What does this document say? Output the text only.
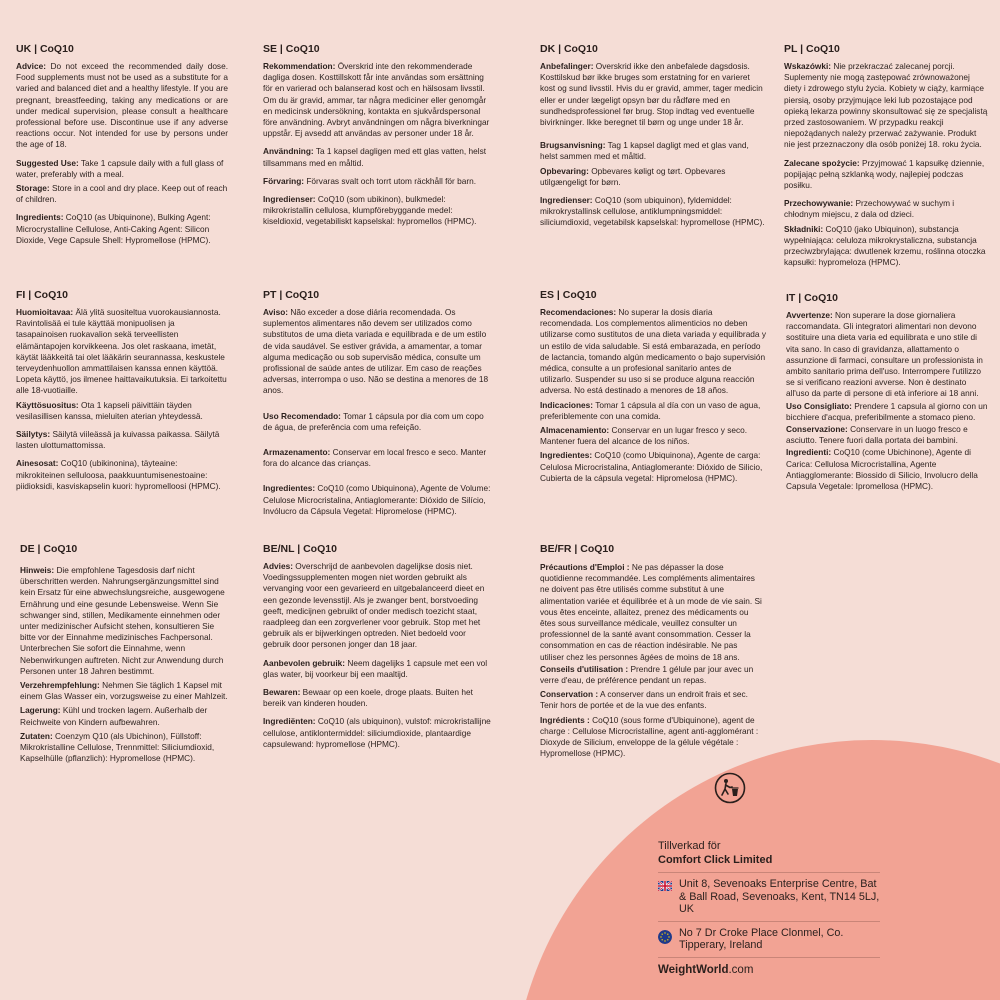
UK | CoQ10

Advice: Do not exceed the recommended daily dose. Food supplements must not be used as a substitute for a varied and balanced diet and a healthy lifestyle. If you are pregnant, breastfeeding, taking any medications or are under medical supervision, please consult a healthcare professional before use. Discontinue use if any adverse reactions occur. Not intended for use by persons under the age of 18.

Suggested Use: Take 1 capsule daily with a full glass of water, preferably with a meal.

Storage: Store in a cool and dry place. Keep out of reach of children.

Ingredients: CoQ10 (as Ubiquinone), Bulking Agent: Microcrystalline Cellulose, Anti-Caking Agent: Silicon Dioxide, Vege Capsule Shell: Hypromellose (HPMC).

SE | CoQ10

Rekommendation: Överskrid inte den rekommenderade dagliga dosen. Kosttillskott får inte användas som ersättning för en varierad och balanserad kost och en hälsosam livsstil. Om du är gravid, ammar, tar några mediciner eller genomgår en medicinsk undersökning, kontakta en sjukvårdspersonal före användning. Avbryt användningen om några biverkningar uppstår. Ej avsedd att användas av personer under 18 år.

Användning: Ta 1 kapsel dagligen med ett glas vatten, helst tillsammans med en måltid.

Förvaring: Förvaras svalt och torrt utom räckhåll för barn.

Ingredienser: CoQ10 (som ubikinon), bulkmedel: mikrokristallin cellulosa, klumpförebyggande medel: kiseldioxid, vegetabiliskt kapselskal: hypromellos (HPMC).

DK | CoQ10

Anbefalinger: Overskrid ikke den anbefalede dagsdosis. Kosttilskud bør ikke bruges som erstatning for en varieret kost og sund livsstil. Hvis du er gravid, ammer, tager medicin eller er under lægeligt opsyn bør du rådføre med en sundhedsprofessionel før brug. Stop indtag ved eventuelle bivirkninger. Ikke beregnet til børn og unge under 18 år.

Brugsanvisning: Tag 1 kapsel dagligt med et glas vand, helst sammen med et måltid.

Opbevaring: Opbevares køligt og tørt. Opbevares utilgængeligt for børn.

Ingredienser: CoQ10 (som ubiquinon), fyldemiddel: mikrokrystallinsk cellulose, antiklumpningsmiddel: siliciumdioxid, vegetabilsk kapselskal: hypromellose (HPMC).

PL | CoQ10

Wskazówki: Nie przekraczać zalecanej porcji. Suplementy nie mogą zastępować zrównoważonej diety i zdrowego stylu życia. Kobiety w ciąży, karmiące piersią, osoby przyjmujące leki lub pozostające pod opieką lekarza powinny skonsultować się ze specjalistą przed zastosowaniem. W przypadku reakcji niepożądanych należy przerwać zażywanie. Produkt nie jest przeznaczony dla osób poniżej 18. roku życia.

Zalecane spożycie: Przyjmować 1 kapsułkę dziennie, popijając pełną szklanką wody, najlepiej podczas posiłku.

Przechowywanie: Przechowywać w suchym i chłodnym miejscu, z dala od dzieci.

Składniki: CoQ10 (jako Ubiquinon), substancja wypełniająca: celuloza mikrokrystaliczna, substancja przeciwzbrylająca: dwutlenek krzemu, roślinna otoczka kapsułki: hypromeloza (HPMC).

FI | CoQ10

Huomioitavaa: Älä ylitä suositeltua vuorokausiannosta. Ravintolisää ei tule käyttää monipuolisen ja tasapainoisen ruokavalion sekä terveellisten elämäntapojen korvikkeena. Jos olet raskaana, imetät, käytät lääkkeitä tai olet lääkärin seurannassa, keskustele terveydenhuollon ammattilaisen kanssa ennen käyttöä. Lopeta käyttö, jos ilmenee haittavaikutuksia. Ei tarkoitettu alle 18-vuotiaille.

Käyttösuositus: Ota 1 kapseli päivittäin täyden vesilasillisen kanssa, mieluiten aterian yhteydessä.

Säilytys: Säilytä viileässä ja kuivassa paikassa. Säilytä lasten ulottumattomissa.

Ainesosat: CoQ10 (ubikinonina), täyteaine: mikrokiteinen selluloosa, paakkuuntumisenestoaine: piidioksidi, kasviskapselin kuori: hypromelloosi (HPMC).

PT | CoQ10

Aviso: Não exceder a dose diária recomendada. Os suplementos alimentares não devem ser utilizados como substitutos de uma dieta variada e equilibrada e de um estilo de vida saudável. Se estiver grávida, a amamentar, a tomar alguma medicação ou sob supervisão médica, consulte um profissional de saúde antes de utilizar. Em caso de reações adversas, interrompa o uso. Não se destina a menores de 18 anos.

Uso Recomendado: Tomar 1 cápsula por dia com um copo de água, de preferência com uma refeição.

Armazenamento: Conservar em local fresco e seco. Manter fora do alcance das crianças.

Ingredientes: CoQ10 (como Ubiquinona), Agente de Volume: Celulose Microcristalina, Antiaglomerante: Dióxido de Silício, Invólucro da Cápsula Vegetal: Hipromelose (HPMC).

ES | CoQ10

Recomendaciones: No superar la dosis diaria recomendada. Los complementos alimenticios no deben utilizarse como sustitutos de una dieta variada y equilibrada y un estilo de vida saludable. Si está embarazada, en período de lactancia, tomando algún medicamento o bajo supervisión médica, consulte a un profesional sanitario antes de utilizarlo. Suspender su uso si se produce alguna reacción adversa. No está destinado a menores de 18 años.

Indicaciones: Tomar 1 cápsula al día con un vaso de agua, preferiblemente con una comida.

Almacenamiento: Conservar en un lugar fresco y seco. Mantener fuera del alcance de los niños.

Ingredientes: CoQ10 (como Ubiquinona), Agente de carga: Celulosa Microcristalina, Antiaglomerante: Dióxido de Silicio, Cubierta de la cápsula vegetal: Hipromelosa (HPMC).

IT | CoQ10

Avvertenze: Non superare la dose giornaliera raccomandata. Gli integratori alimentari non devono sostituire una dieta varia ed equilibrata e uno stile di vita sano. In caso di gravidanza, allattamento o assunzione di farmaci, consultare un professionista in ambito sanitario prima dell'uso. Interrompere l'utilizzo se si verificano reazioni avverse. Non è destinato all'uso da parte di persone di età inferiore ai 18 anni.

Uso Consigliato: Prendere 1 capsula al giorno con un bicchiere d'acqua, preferibilmente a stomaco pieno.

Conservazione: Conservare in un luogo fresco e asciutto. Tenere fuori dalla portata dei bambini.

Ingredienti: CoQ10 (come Ubichinone), Agente di Carica: Cellulosa Microcristallina, Agente Antiagglomerante: Biossido di Silicio, Involucro della Capsula Vegetale: Ipromellosa (HPMC).

DE | CoQ10

Hinweis: Die empfohlene Tagesdosis darf nicht überschritten werden. Nahrungsergänzungsmittel sind kein Ersatz für eine abwechslungsreiche, ausgewogene Ernährung und eine gesunde Lebensweise. Wenn Sie schwanger sind, stillen, Medikamente einnehmen oder unter medizinischer Aufsicht stehen, konsultieren Sie bitte vor der Einnahme medizinisches Fachpersonal. Unterbrechen Sie sofort die Einnahme, wenn Nebenwirkungen auftreten. Nicht zur Anwendung durch Personen unter 18 Jahren bestimmt.

Verzehrempfehlung: Nehmen Sie täglich 1 Kapsel mit einem Glas Wasser ein, vorzugsweise zu einer Mahlzeit.

Lagerung: Kühl und trocken lagern. Außerhalb der Reichweite von Kindern aufbewahren.

Zutaten: Coenzym Q10 (als Ubichinon), Füllstoff: Mikrokristalline Cellulose, Trennmittel: Siliciumdioxid, Kapselhülle (pflanzlich): Hypromellose (HPMC).

BE/NL | CoQ10

Advies: Overschrijd de aanbevolen dagelijkse dosis niet. Voedingssupplementen mogen niet worden gebruikt als vervanging voor een gevarieerd en uitgebalanceerd dieet en een gezonde levensstijl. Als je zwanger bent, borstvoeding geeft, medicijnen gebruikt of onder medisch toezicht staat, raadpleeg dan een zorgverlener voor gebruik. Stop met het gebruik als er bijwerkingen optreden. Niet bedoeld voor gebruik door personen jonger dan 18 jaar.

Aanbevolen gebruik: Neem dagelijks 1 capsule met een vol glas water, bij voorkeur bij een maaltijd.

Bewaren: Bewaar op een koele, droge plaats. Buiten het bereik van kinderen houden.

Ingrediënten: CoQ10 (als ubiquinon), vulstof: microkristallijne cellulose, antiklontermiddel: siliciumdioxide, plantaardige capsulewand: hypromellose (HPMC).

BE/FR | CoQ10

Précautions d'Emploi : Ne pas dépasser la dose quotidienne recommandée. Les compléments alimentaires ne doivent pas être utilisés comme substitut à une alimentation variée et équilibrée et à un mode de vie sain. Si vous êtes enceinte, allaitez, prenez des médicaments ou êtes sous surveillance médicale, veuillez consulter un professionnel de la santé avant consommation. Cesser la consommation en cas de réaction indésirable. Ne pas utiliser chez les personnes âgées de moins de 18 ans.

Conseils d'utilisation : Prendre 1 gélule par jour avec un verre d'eau, de préférence pendant un repas.

Conservation : A conserver dans un endroit frais et sec. Tenir hors de portée et de la vue des enfants.

Ingrédients : CoQ10 (sous forme d'Ubiquinone), agent de charge : Cellulose Microcristalline, agent anti-agglomérant : Dioxyde de Silicium, enveloppe de la gélule végétale : Hypromellose (HPMC).

Tillverkad för
Comfort Click Limited
Unit 8, Sevenoaks Enterprise Centre, Bat & Ball Road, Sevenoaks, Kent, TN14 5LJ, UK
No 7 Dr Croke Place Clonmel, Co. Tipperary, Ireland
WeightWorld.com
